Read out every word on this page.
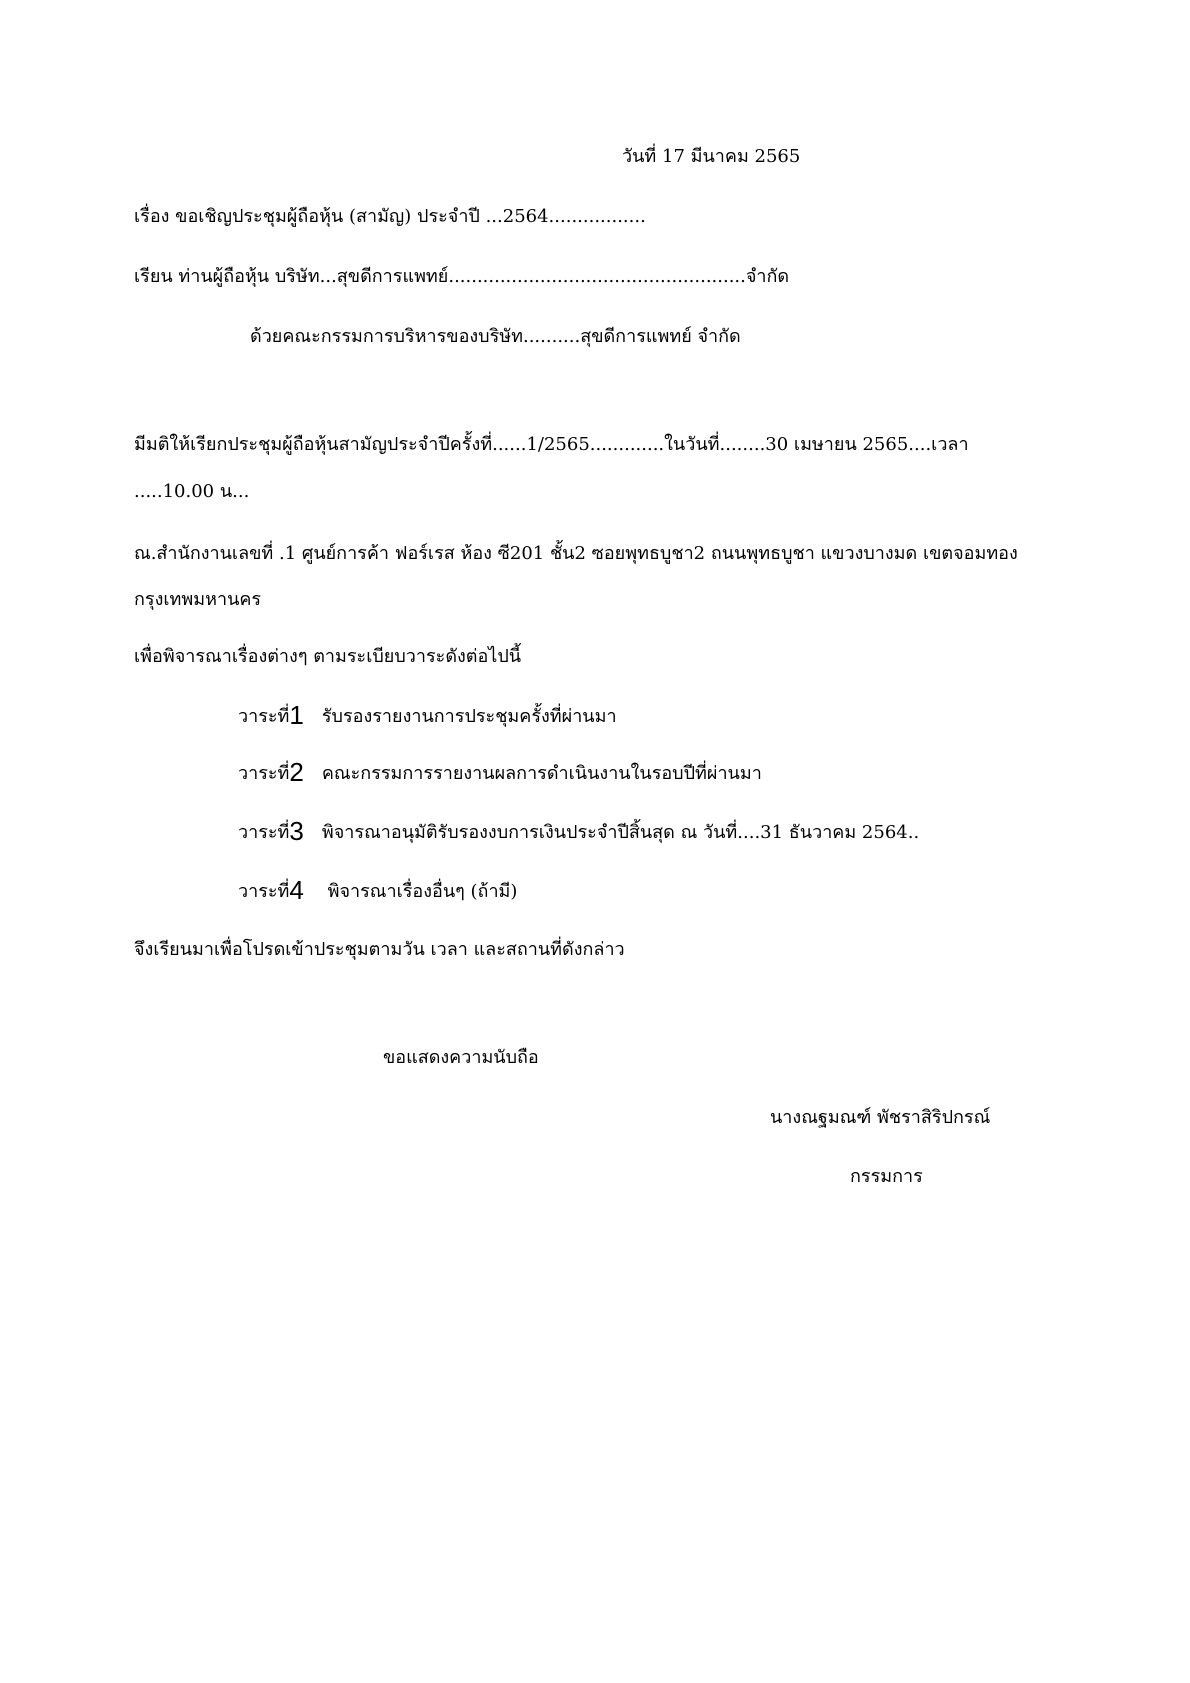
วันที่ 17 มีนาคม 2565
เรื่อง ขอเชิญประชุมผู้ถือหุ้น (สามัญ) ประจำปี ...2564.................
เรียน ท่านผู้ถือหุ้น บริษัท...สุขดีการแพทย์....................................................จำกัด
ด้วยคณะกรรมการบริหารของบริษัท..........สุขดีการแพทย์ จำกัด
มีมติให้เรียกประชุมผู้ถือหุ้นสามัญประจำปีครั้งที่......1/2565.............ในวันที่........30 เมษายน 2565....เวลา
.....10.00 น...
ณ.สำนักงานเลขที่ .1 ศูนย์การค้า ฟอร์เรส ห้อง ซี201 ชั้น2 ซอยพุทธบูชา2 ถนนพุทธบูชา แขวงบางมด เขตจอมทอง
กรุงเทพมหานคร
เพื่อพิจารณาเรื่องต่างๆ ตามระเบียบวาระดังต่อไปนี้
วาระที่1 รับรองรายงานการประชุมครั้งที่ผ่านมา
วาระที่2 คณะกรรมการรายงานผลการดำเนินงานในรอบปีที่ผ่านมา
วาระที่3 พิจารณาอนุมัติรับรองงบการเงินประจำปีสิ้นสุด ณ วันที่....31 ธันวาคม 2564..
วาระที่4 พิจารณาเรื่องอื่นๆ (ถ้ามี)
จึงเรียนมาเพื่อโปรดเข้าประชุมตามวัน เวลา และสถานที่ดังกล่าว
ขอแสดงความนับถือ
นางณฐมณฑ์ พัชราสิริปกรณ์
กรรมการ
